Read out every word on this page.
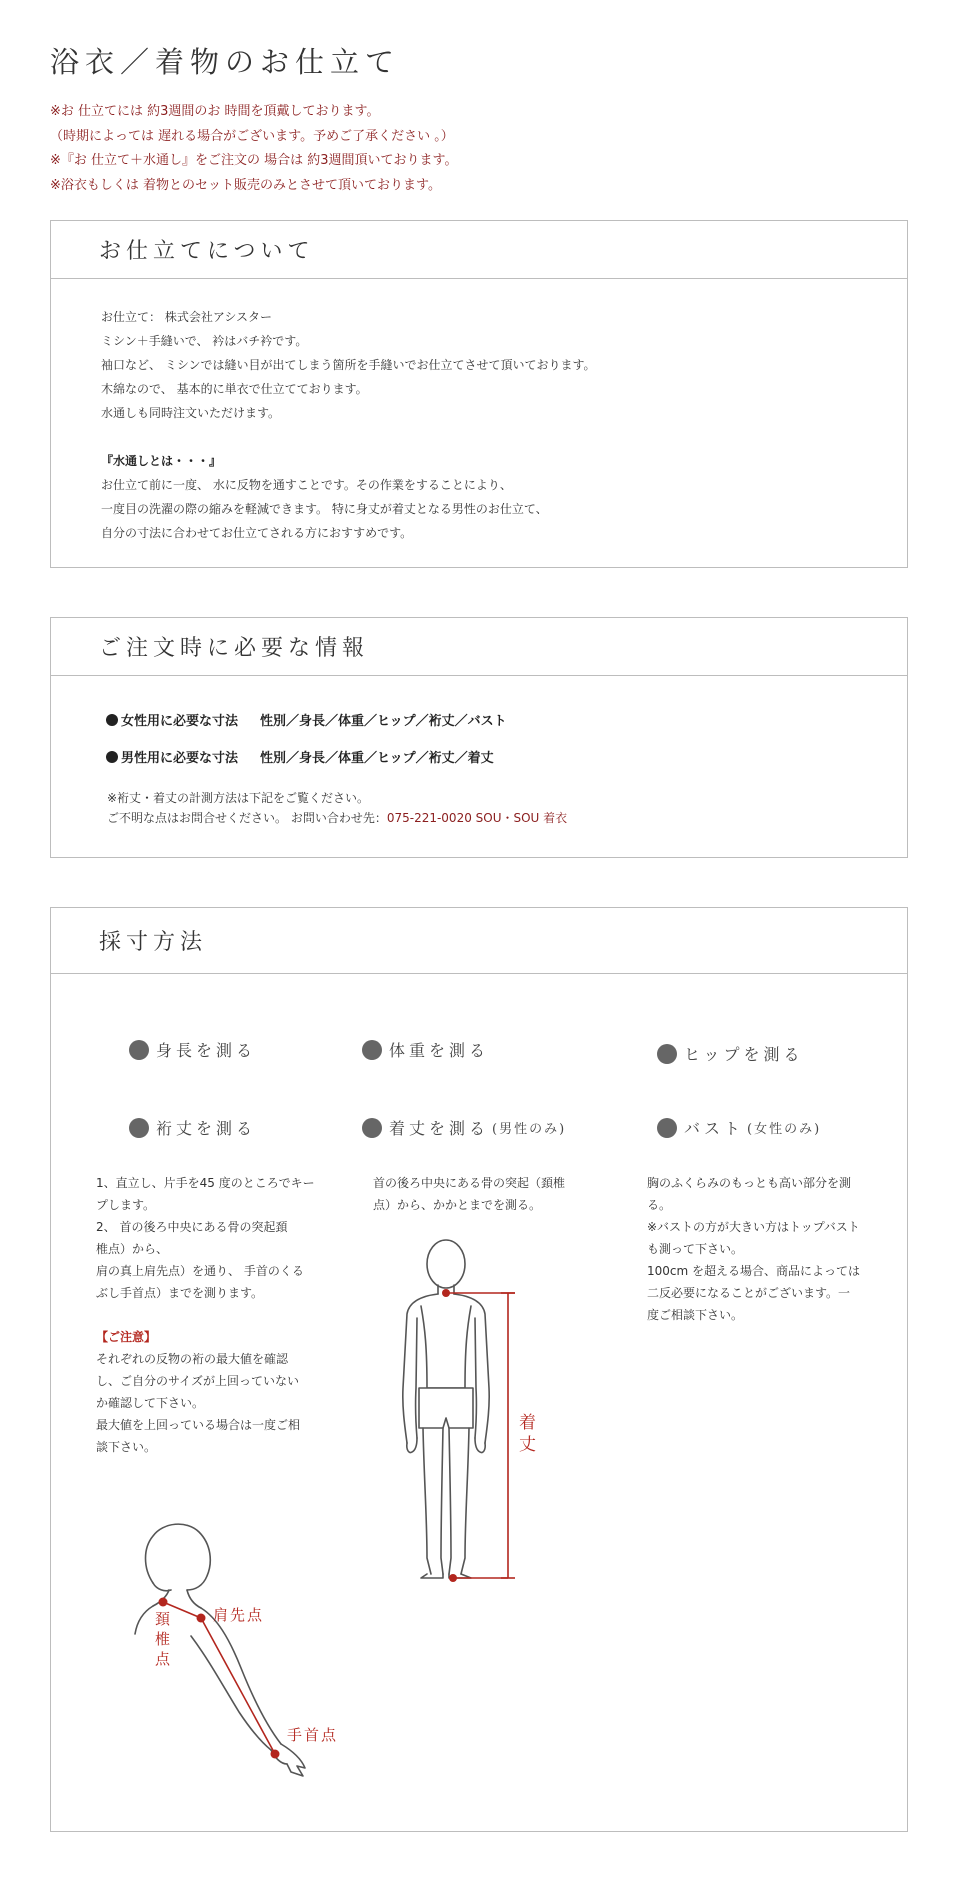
浴衣／着物のお仕立て
※お 仕立てには 約3週間のお 時間を頂戴しております。
（時期によっては 遅れる場合がございます。予めご了承ください 。）
※『お 仕立て＋水通し』をご注文の 場合は 約3週間頂いております。
※浴衣もしくは 着物とのセット販売のみとさせて頂いております。
お仕立てについて
お仕立て： 株式会社アシスター
ミシン＋手縫いで、 衿はバチ衿です。
袖口など、 ミシンでは縫い目が出てしまう箇所を手縫いでお仕立てさせて頂いております。
木綿なので、 基本的に単衣で仕立てております。
水通しも同時注文いただけます。
『水通しとは・・・』
お仕立て前に一度、 水に反物を通すことです。その作業をすることにより、
一度目の洗濯の際の縮みを軽減できます。 特に身丈が着丈となる男性のお仕立て、
自分の寸法に合わせてお仕立てされる方におすすめです。
ご注文時に必要な情報
女性用に必要な寸法 性別／身長／体重／ヒップ／裄丈／バスト
男性用に必要な寸法 性別／身長／体重／ヒップ／裄丈／着丈
※裄丈・着丈の計測方法は下記をご覧ください。
ご不明な点はお問合せください。 お問い合わせ先：075-221-0020 SOU・SOU 着衣
採寸方法
身長を測る	体重を測る	ヒップを測る
裄丈を測る	着丈を測る (男性のみ)	バスト (女性のみ)
1、直立し、片手を45 度のところでキー
プします。
2、 首の後ろ中央にある骨の突起頚
椎点）から、
肩の真上肩先点）を通り、 手首のくる
ぶし手首点）までを測ります。
【ご注意】
それぞれの反物の裄の最大値を確認
し、ご自分のサイズが上回っていない
か確認して下さい。
最大値を上回っている場合は一度ご相
談下さい。
首の後ろ中央にある骨の突起（頚椎
点）から、かかとまでを測る。
胸のふくらみのもっとも高い部分を測
る。
※バストの方が大きい方はトップバスト
も測って下さい。
100cm を超える場合、商品によっては
二反必要になることがございます。一
度ご相談下さい。
着 丈
頚 椎 点
肩先点
手首点
